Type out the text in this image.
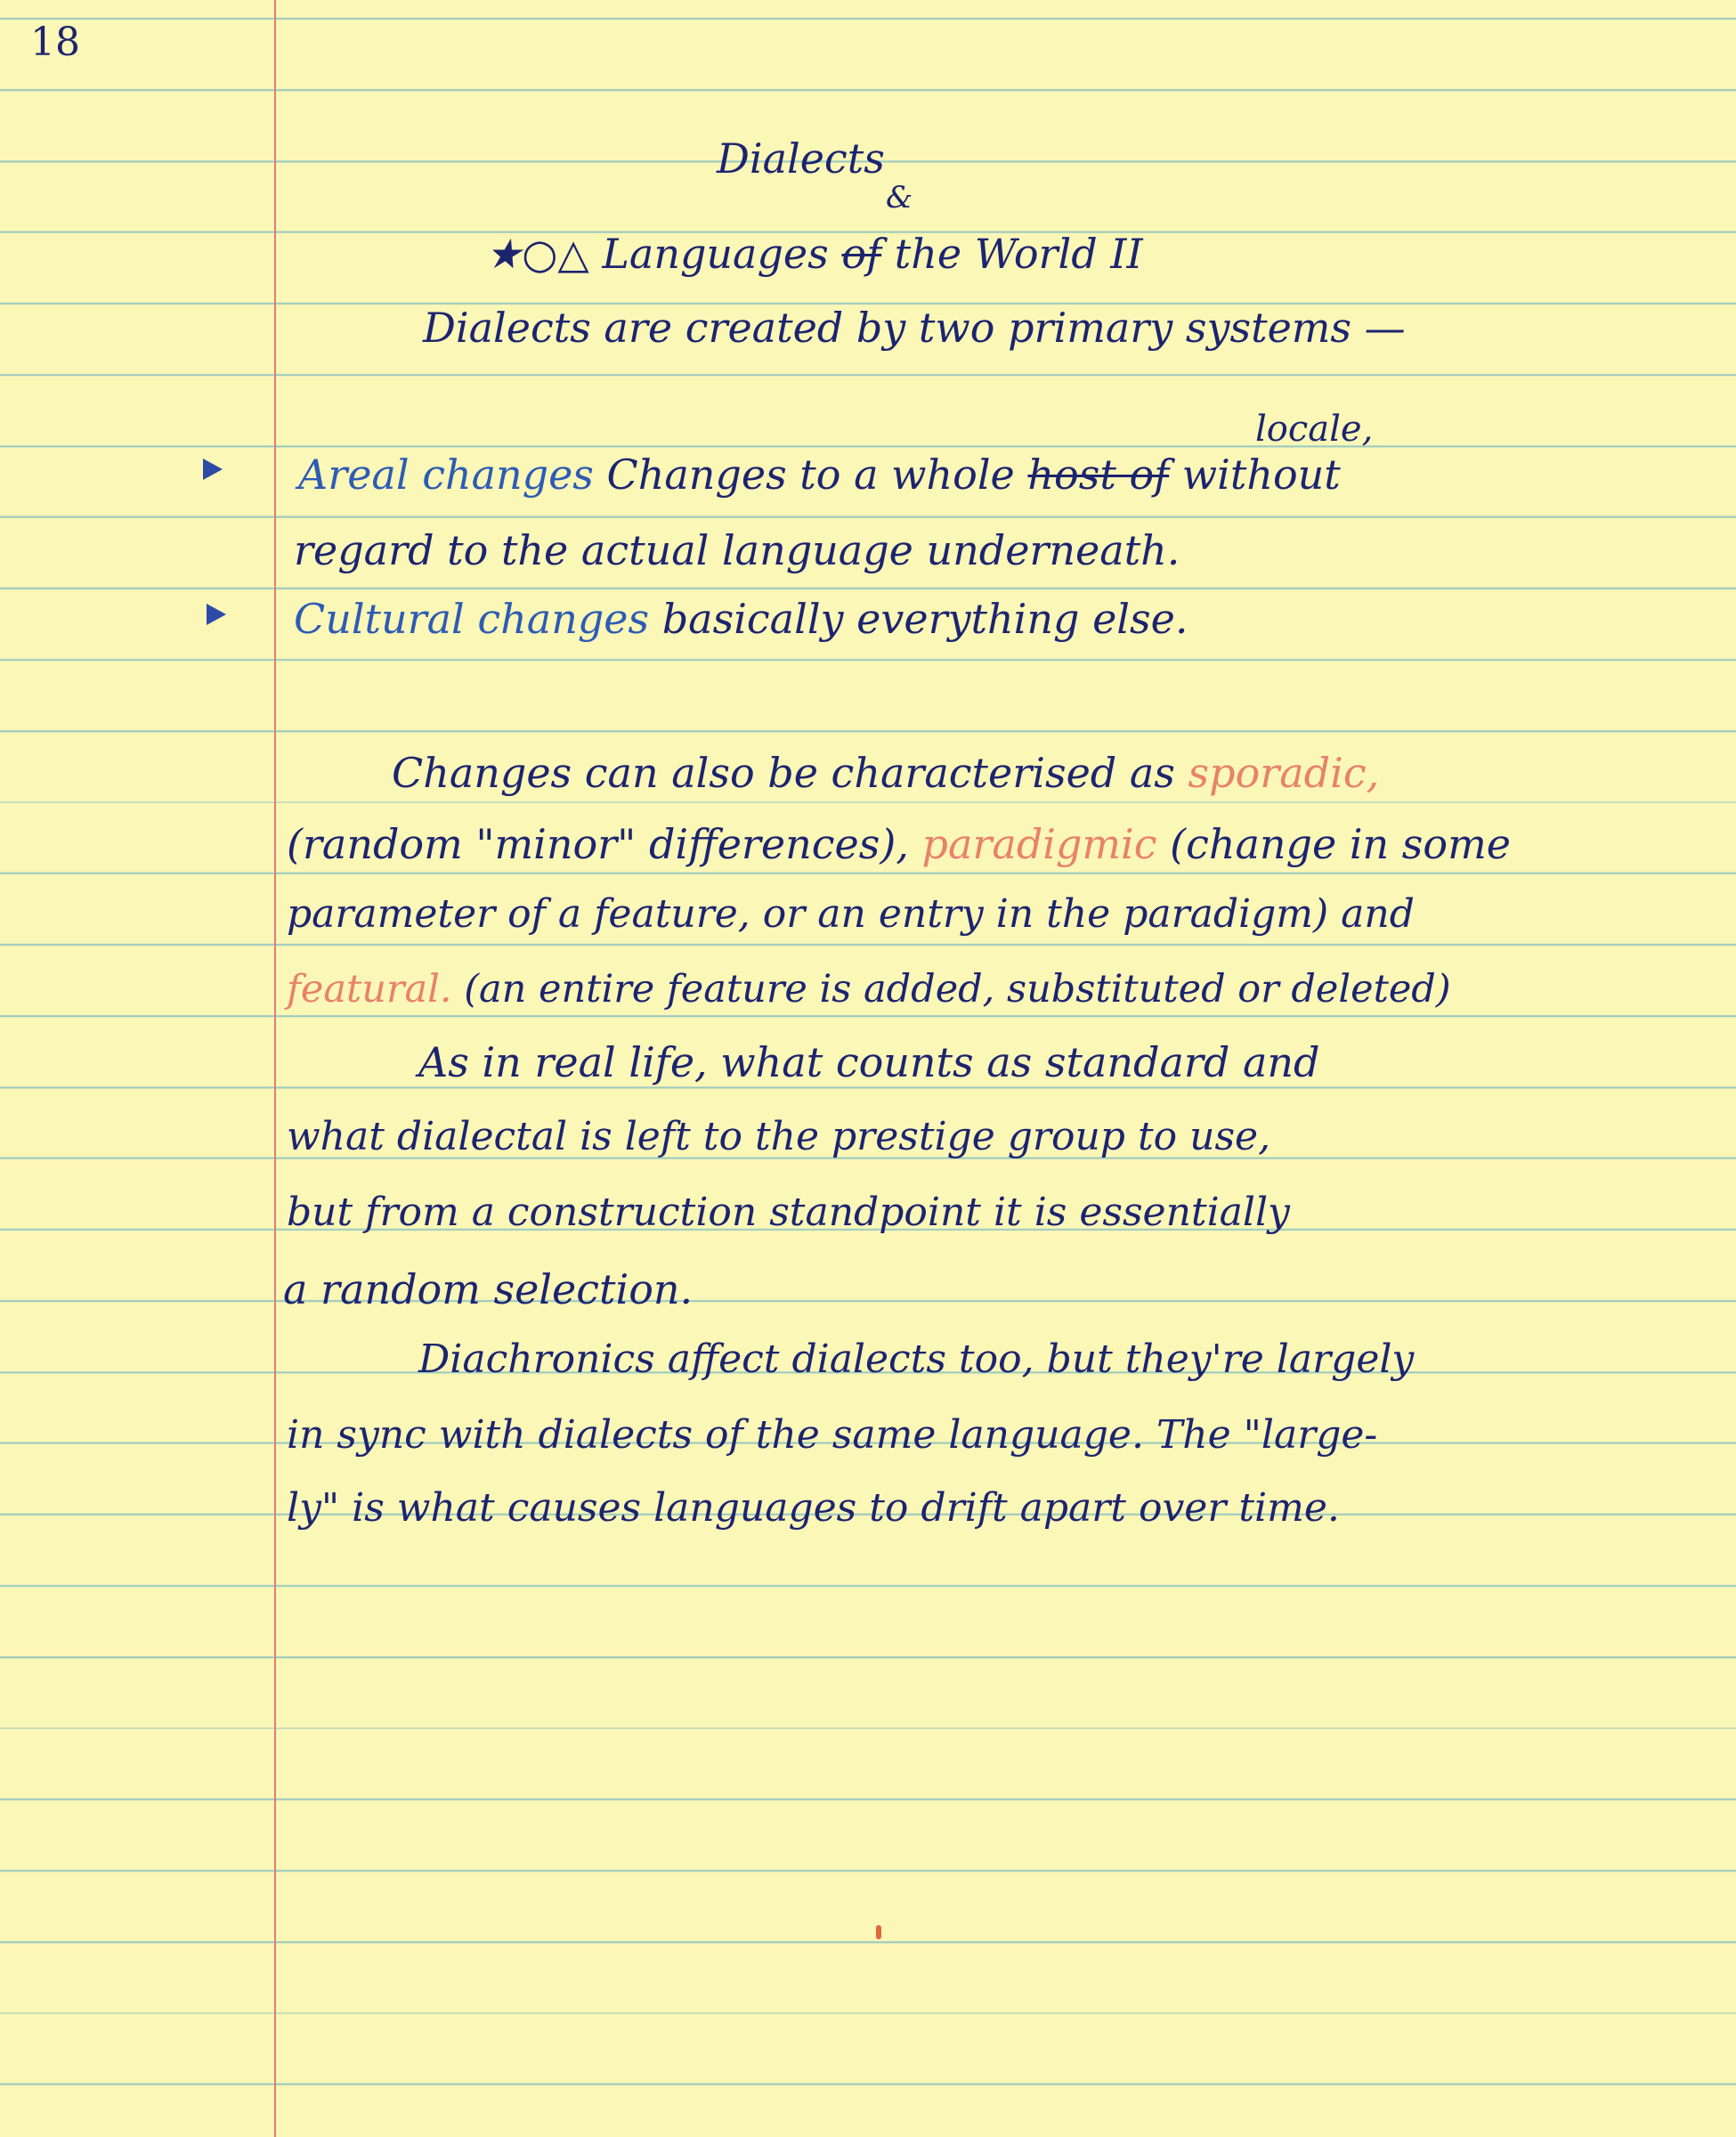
18
Dialects
&
★○△ Languages of the World II
Dialects are created by two primary systems —
locale,
Areal changes Changes to a whole host of without
regard to the actual language underneath.
Cultural changes basically everything else.
Changes can also be characterised as sporadic,
(random "minor" differences), paradigmic (change in some
parameter of a feature, or an entry in the paradigm) and
featural. (an entire feature is added, substituted or deleted)
As in real life, what counts as standard and
what dialectal is left to the prestige group to use,
but from a construction standpoint it is essentially
a random selection.
Diachronics affect dialects too, but they're largely
in sync with dialects of the same language. The "large-
ly" is what causes languages to drift apart over time.
